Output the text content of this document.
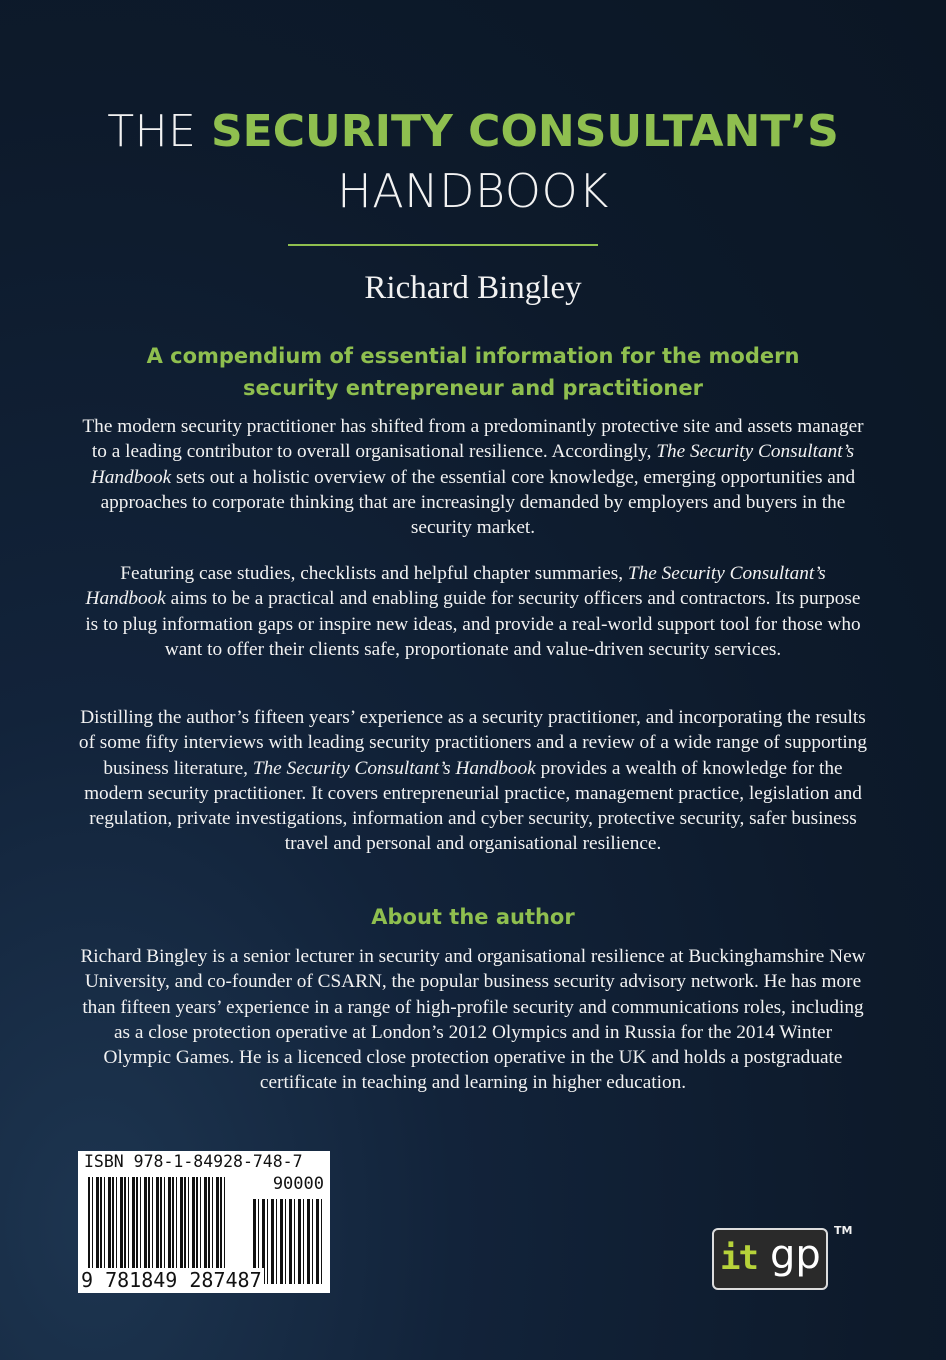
THE SECURITY CONSULTANT’S
HANDBOOK
Richard Bingley
A compendium of essential information for the modern security entrepreneur and practitioner
The modern security practitioner has shifted from a predominantly protective site and assets manager to a leading contributor to overall organisational resilience. Accordingly, The Security Consultant’s Handbook sets out a holistic overview of the essential core knowledge, emerging opportunities and approaches to corporate thinking that are increasingly demanded by employers and buyers in the security market.
Featuring case studies, checklists and helpful chapter summaries, The Security Consultant’s Handbook aims to be a practical and enabling guide for security officers and contractors. Its purpose is to plug information gaps or inspire new ideas, and provide a real-world support tool for those who want to offer their clients safe, proportionate and value-driven security services.
Distilling the author’s fifteen years’ experience as a security practitioner, and incorporating the results of some fifty interviews with leading security practitioners and a review of a wide range of supporting business literature, The Security Consultant’s Handbook provides a wealth of knowledge for the modern security practitioner. It covers entrepreneurial practice, management practice, legislation and regulation, private investigations, information and cyber security, protective security, safer business travel and personal and organisational resilience.
About the author
Richard Bingley is a senior lecturer in security and organisational resilience at Buckinghamshire New University, and co-founder of CSARN, the popular business security advisory network. He has more than fifteen years’ experience in a range of high-profile security and communications roles, including as a close protection operative at London’s 2012 Olympics and in Russia for the 2014 Winter Olympic Games. He is a licenced close protection operative in the UK and holds a postgraduate certificate in teaching and learning in higher education.
ISBN 978-1-84928-748-7
90000
9 781849 287487
it gp
TM
